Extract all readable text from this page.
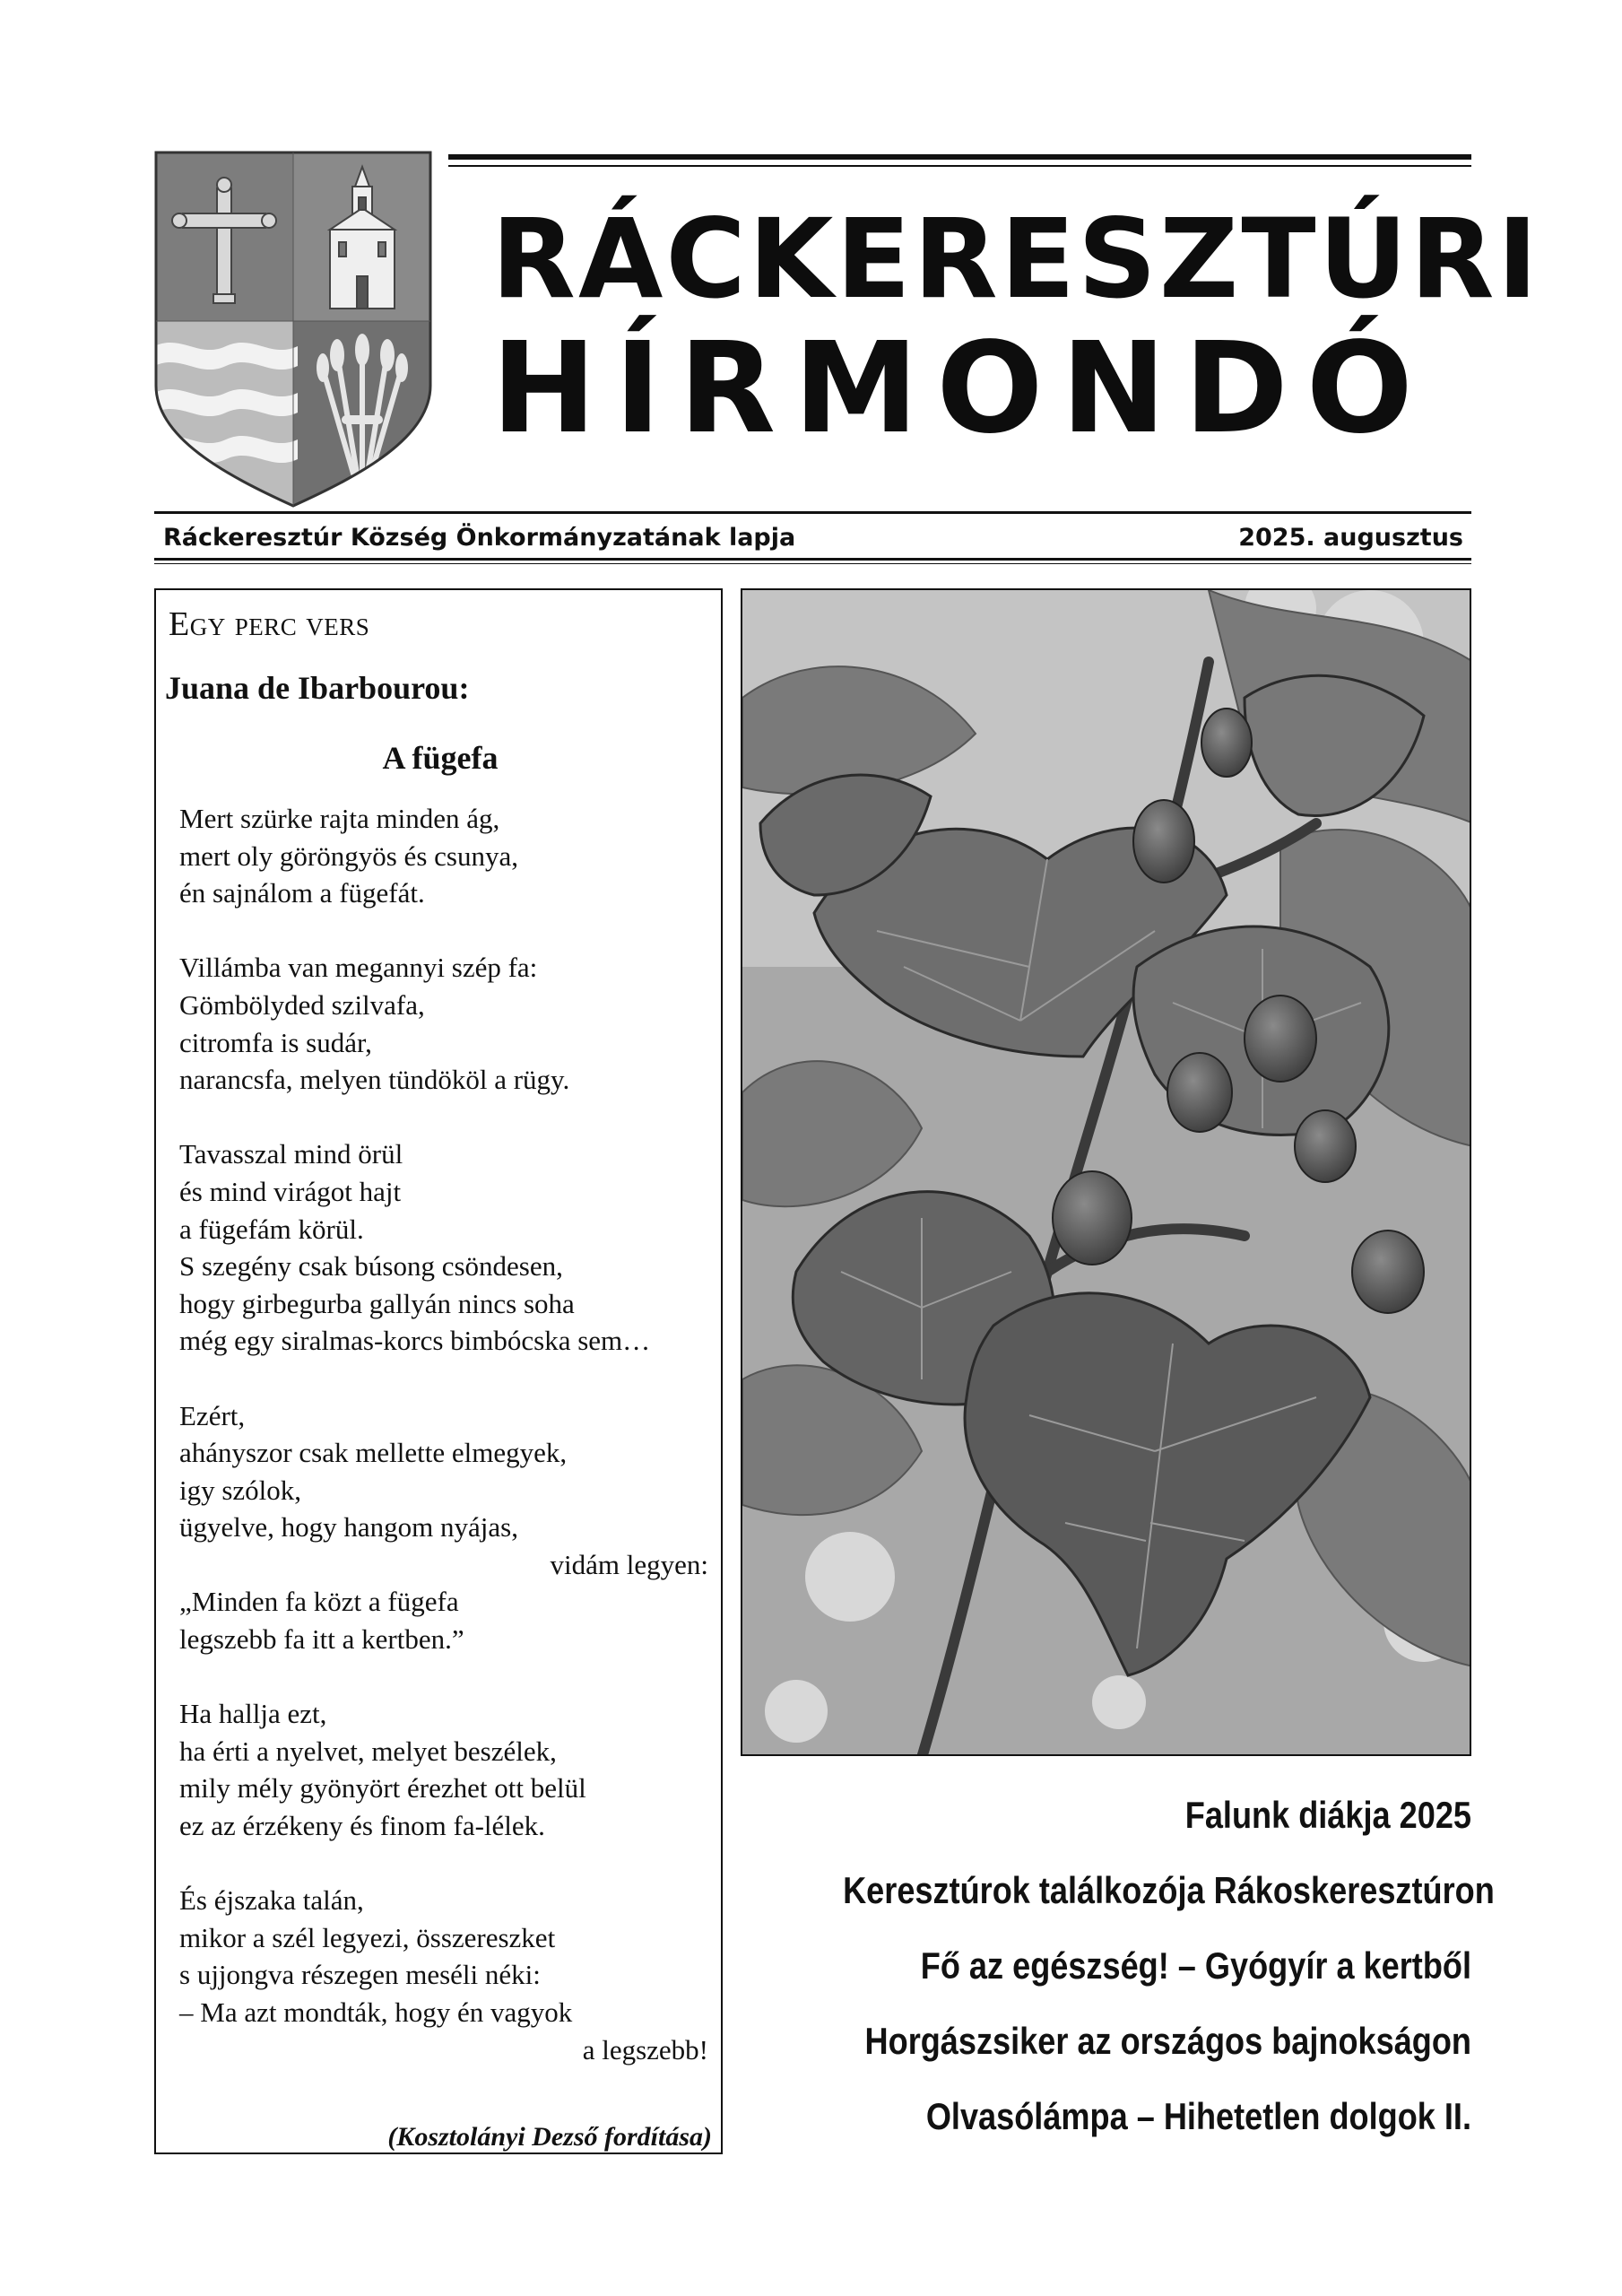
RÁCKERESZTÚRI
HÍRMONDÓ
Ráckeresztúr Község Önkormányzatának lapja	2025. augusztus
Egy perc vers
Juana de Ibarbourou:
A fügefa
Mert szürke rajta minden ág,
mert oly göröngyös és csunya,
én sajnálom a fügefát.
Villámba van megannyi szép fa:
Gömbölyded szilvafa,
citromfa is sudár,
narancsfa, melyen tündököl a rügy.
Tavasszal mind örül
és mind virágot hajt
a fügefám körül.
S szegény csak búsong csöndesen,
hogy girbegurba gallyán nincs soha
még egy siralmas-korcs bimbócska sem…
Ezért,
ahányszor csak mellette elmegyek,
igy szólok,
ügyelve, hogy hangom nyájas,
vidám legyen:
„Minden fa közt a fügefa
legszebb fa itt a kertben.”
Ha hallja ezt,
ha érti a nyelvet, melyet beszélek,
mily mély gyönyört érezhet ott belül
ez az érzékeny és finom fa-lélek.
És éjszaka talán,
mikor a szél legyezi, összereszket
s ujjongva részegen meséli néki:
– Ma azt mondták, hogy én vagyok
a legszebb!
(Kosztolányi Dezső fordítása)
Falunk diákja 2025
Keresztúrok találkozója Rákoskeresztúron
Fő az egészség! – Gyógyír a kertből
Horgászsiker az országos bajnokságon
Olvasólámpa – Hihetetlen dolgok II.
